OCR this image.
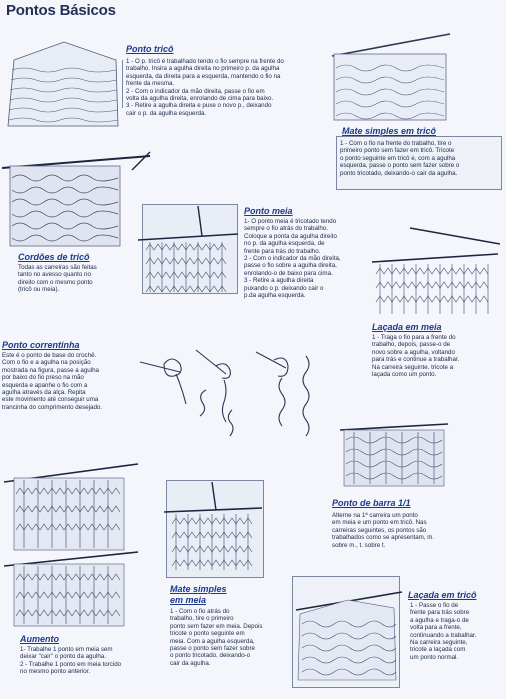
Pontos Básicos
Ponto tricô

1 - O p. tricô é trabalhado tendo o fio sempre na frente do

trabalho. Insira a agulha direita no primeiro p. da agulha

esquerda, da direita para a esquerda, mantendo o fio na

frente da mesma.

2 - Com o indicador da mão direita, passe o fio em

volta da agulha direita, enrolando de cima para baixo.

3 - Retire a agulha direita e puxe o novo p., deixando

cair o p. da agulha esquerda.

Mate simples em tricô

1 - Com o fio na frente do trabalho, tire o

primeiro ponto sem fazer em tricô. Tricote

o ponto seguinte em tricô e, com a agulha

esquerda, passe o ponto sem fazer sobre o

ponto tricotado, deixando-o cair da agulha.

Cordões de tricô

Todas as carreiras são feitas

tanto no avesso quanto no

direito com o mesmo ponto

(tricô ou meia).

Ponto meia

1- O ponto meia é tricotado tendo

sempre o fio atrás do trabalho.

Coloque a ponta da agulha direito

no p. da agulha esquerda, de

frente para trás do trabalho.

2 - Com o indicador da mão direita,

passe o fio sobre a agulha direita,

enrolando-o de baixo para cima.

3 - Retire a agulha direita

puxando o p. deixando cair o

p.da agulha esquerda.

Laçada em meia

1 - Traga o fio para a frente do

trabalho, depois, passe-o de

novo sobre a agulha, voltando

para trás e continue a trabalhar.

Na carreira seguinte, tricote a

laçada como um ponto.

Ponto correntinha

Este é o ponto de base do crochê.

Com o fio e a agulha na posição

mostrada na figura, passe a agulha

por baixo do fio preso na mão

esquerda e apanhe o fio com a

agulha através da alça. Repita

este movimento até conseguir uma

trancinha do comprimento desejado.

Ponto de barra 1/1

Alterne na 1ª carreira um ponto

em meia e um ponto em tricô. Nas

carreiras seguintes, os pontos são

trabalhados como se apresentam, m.

sobre m., t. sobre t.

Aumento

1- Trabalhe 1 ponto em meia sem

deixar "cair" o ponto da agulha.

2 - Trabalhe 1 ponto em meia torcido

no mesmo ponto anterior.

Mate simples
em meia

1 - Com o fio atrás do

trabalho, tire o primeiro

ponto sem fazer em meia. Depois

tricote o ponto seguinte em

meia. Com a agulha esquerda,

passe o ponto sem fazer sobre

o ponto tricotado, deixando-o

cair da agulha.

Laçada em tricô

1 - Passe o fio de

frente para trás sobre

a agulha e traga-o de

volta para a frente,

continuando a trabalhar.

Na carreira seguinte,

tricote a laçada com

um ponto normal.
